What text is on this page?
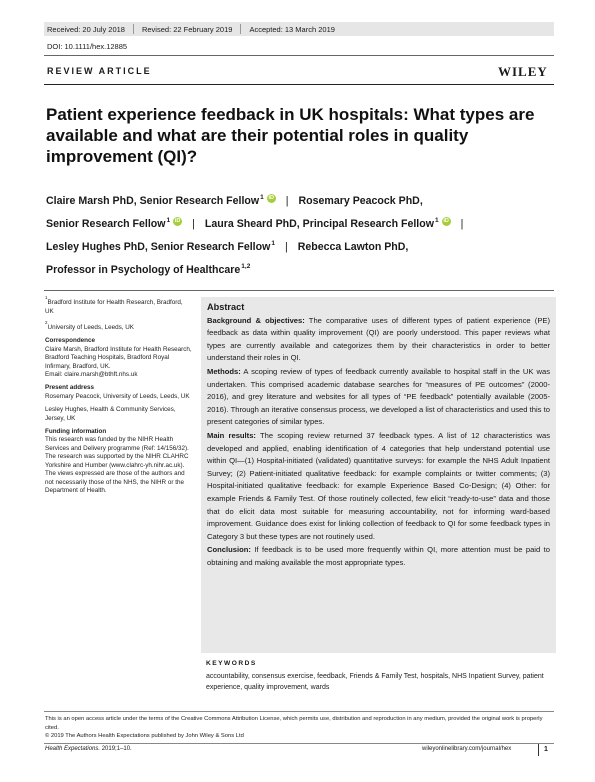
Received: 20 July 2018 Revised: 22 February 2019 Accepted: 13 March 2019
DOI: 10.1111/hex.12885
REVIEW ARTICLE	WILEY
Patient experience feedback in UK hospitals: What types are available and what are their potential roles in quality improvement (QI)?
Claire Marsh PhD, Senior Research Fellow$^1$ iD | Rosemary Peacock PhD,
Senior Research Fellow$^1$ iD | Laura Sheard PhD, Principal Research Fellow$^1$ iD |
Lesley Hughes PhD, Senior Research Fellow$^1$ | Rebecca Lawton PhD,
Professor in Psychology of Healthcare$^{1,2}$
$^1$Bradford Institute for Health Research, Bradford, UK
$^2$University of Leeds, Leeds, UK
Correspondence
Claire Marsh, Bradford Institute for Health Research, Bradford Teaching Hospitals, Bradford Royal Infirmary, Bradford, UK.
Email: claire.marsh@bthft.nhs.uk
Present address
Rosemary Peacock, University of Leeds, Leeds, UK
Lesley Hughes, Health & Community Services, Jersey, UK
Funding information
This research was funded by the NIHR Health Services and Delivery programme (Ref: 14/156/32). The research was supported by the NIHR CLAHRC Yorkshire and Humber (www.clahrc-yh.nihr.ac.uk). The views expressed are those of the authors and not necessarily those of the NHS, the NIHR or the Department of Health.
Abstract

Background & objectives: The comparative uses of different types of patient experience (PE) feedback as data within quality improvement (QI) are poorly understood. This paper reviews what types are currently available and categorizes them by their characteristics in order to better understand their roles in QI.

Methods: A scoping review of types of feedback currently available to hospital staff in the UK was undertaken. This comprised academic database searches for “measures of PE outcomes” (2000-2016), and grey literature and websites for all types of “PE feedback” potentially available (2005-2016). Through an iterative consensus process, we developed a list of characteristics and used this to present categories of similar types.

Main results: The scoping review returned 37 feedback types. A list of 12 characteristics was developed and applied, enabling identification of 4 categories that help understand potential use within QI—(1) Hospital-initiated (validated) quantitative surveys: for example the NHS Adult Inpatient Survey; (2) Patient-initiated qualitative feedback: for example complaints or twitter comments; (3) Hospital-initiated qualitative feedback: for example Experience Based Co-Design; (4) Other: for example Friends & Family Test. Of those routinely collected, few elicit “ready-to-use” data and those that do elicit data most suitable for measuring accountability, not for informing ward-based improvement. Guidance does exist for linking collection of feedback to QI for some feedback types in Category 3 but these types are not routinely used.

Conclusion: If feedback is to be used more frequently within QI, more attention must be paid to obtaining and making available the most appropriate types.

KEYWORDS
accountability, consensus exercise, feedback, Friends & Family Test, hospitals, NHS Inpatient Survey, patient experience, quality improvement, wards
This is an open access article under the terms of the Creative Commons Attribution License, which permits use, distribution and reproduction in any medium, provided the original work is properly cited.
© 2019 The Authors Health Expectations published by John Wiley & Sons Ltd
Health Expectations. 2019;1–10.	wileyonlinelibrary.com/journal/hex	1
